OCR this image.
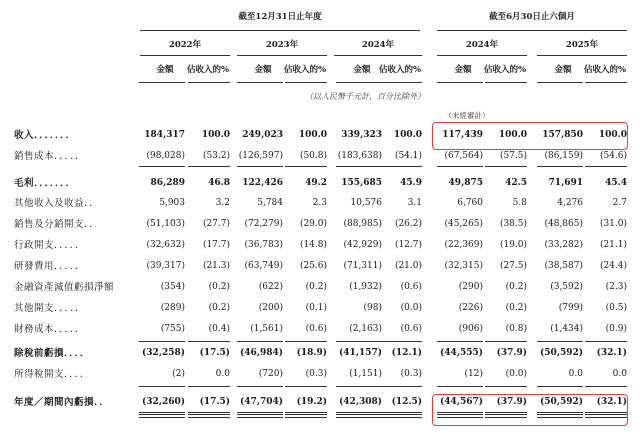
截至12月31日止年度	截至6月30日止六個月
2022年	2023年	2024年	2024年	2025年
金額	佔收入的%	金額	佔收入的%	金額 佔收入的%	金額	佔收入的%	金額	佔收入的%
（以人民幣千元計，百分比除外）
（未經審計）
收入．．．．．．．	184,317	100.0	249,023	100.0	339,323	100.0	117,439	100.0	157,850	100.0
銷售成本．．．．．	(98,028)	(53.2) (126,597)	(50.8)	(183,638)	(54.1)	(67,564)	(57.5)	(86,159)	(54.6)
毛利．．．．．．．	86,289	46.8	122,426	49.2	155,685	45.9	49,875	42.5	71,691	45.4
其他收入及收益．．	5,903	3.2	5,784	2.3	10,576	3.1	6,760	5.8	4,276	2.7
銷售及分銷開支．．	(51,103)	(27.7)	(72,279)	(29.0)	(88,985)	(26.2)	(45,265)	(38.5)	(48,865)	(31.0)
行政開支．．．．．	(32,632)	(17.7)	(36,783)	(14.8)	(42,929)	(12.7)	(22,369)	(19.0)	(33,282)	(21.1)
研發費用．．．．．	(39,317)	(21.3)	(63,749)	(25.6)	(71,311)	(21.0)	(32,315)	(27.5)	(38,587)	(24.4)
金融資產減值虧損淨額	(354)	(0.2)	(622)	(0.2)	(1,932)	(0.6)	(290)	(0.2)	(3,592)	(2.3)
其他開支．．．．．	(289)	(0.2)	(200)	(0.1)	(98)	(0.0)	(226)	(0.2)	(799)	(0.5)
財務成本．．．．．	(755)	(0.4)	(1,561)	(0.6)	(2,163)	(0.6)	(906)	(0.8)	(1,434)	(0.9)
除稅前虧損．．．．	(32,258)	(17.5)	(46,984)	(18.9)	(41,157)	(12.1)	(44,555)	(37.9)	(50,592)	(32.1)
所得稅開支．．．．	(2)	0.0	(720)	(0.3)	(1,151)	(0.3)	(12)	(0.0)	0.0	0.0
年度／期間內虧損．．	(32,260)	(17.5)	(47,704)	(19.2)	(42,308)	(12.5)	(44,567)	(37.9)	(50,592)	(32.1)
